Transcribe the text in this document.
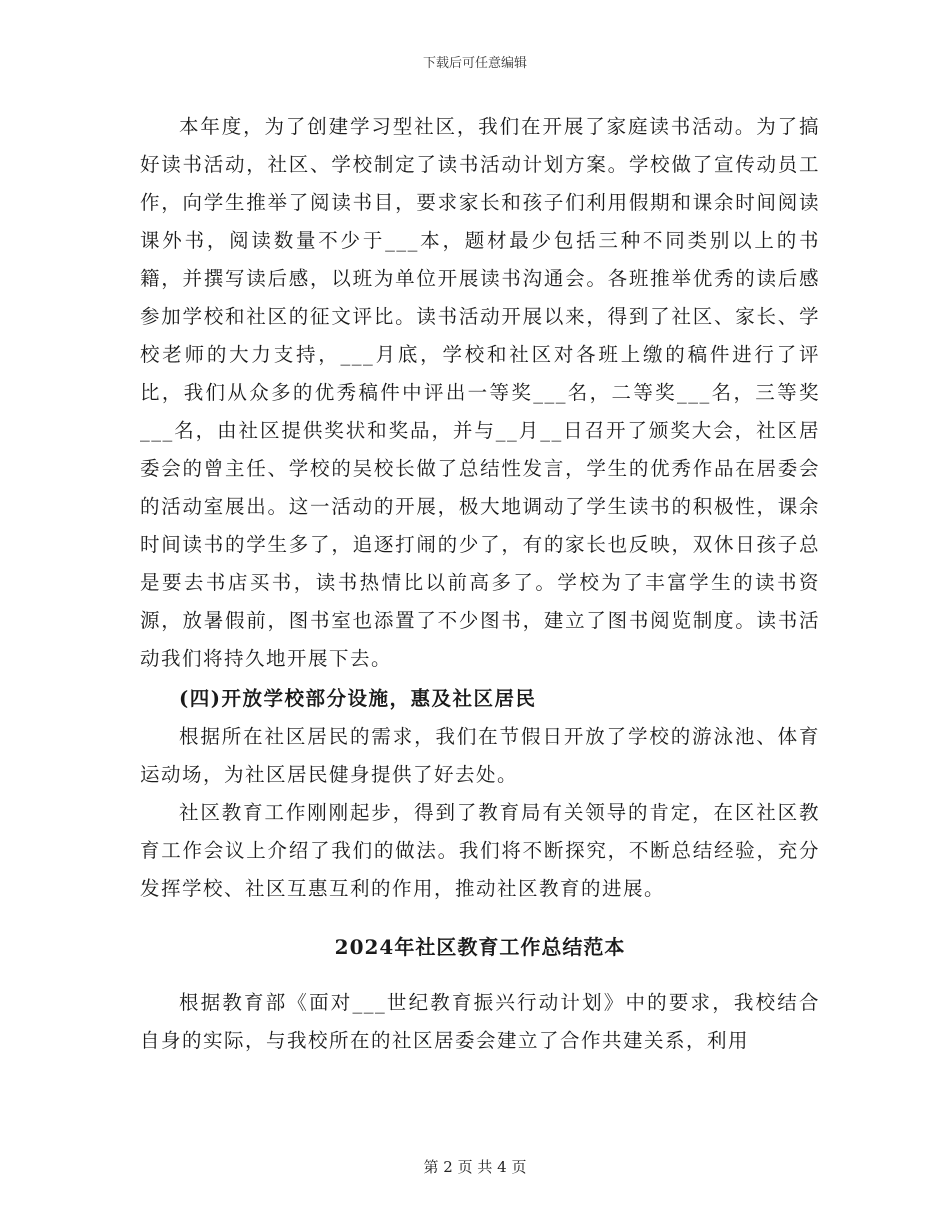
下载后可任意编辑

本年度，为了创建学习型社区，我们在开展了家庭读书活动。为了搞好读书活动，社区、学校制定了读书活动计划方案。学校做了宣传动员工作，向学生推举了阅读书目，要求家长和孩子们利用假期和课余时间阅读课外书，阅读数量不少于___本，题材最少包括三种不同类别以上的书籍，并撰写读后感，以班为单位开展读书沟通会。各班推举优秀的读后感参加学校和社区的征文评比。读书活动开展以来，得到了社区、家长、学校老师的大力支持，___月底，学校和社区对各班上缴的稿件进行了评比，我们从众多的优秀稿件中评出一等奖___名，二等奖___名，三等奖___名，由社区提供奖状和奖品，并与__月__日召开了颁奖大会，社区居委会的曾主任、学校的吴校长做了总结性发言，学生的优秀作品在居委会的活动室展出。这一活动的开展，极大地调动了学生读书的积极性，课余时间读书的学生多了，追逐打闹的少了，有的家长也反映，双休日孩子总是要去书店买书，读书热情比以前高多了。学校为了丰富学生的读书资源，放暑假前，图书室也添置了不少图书，建立了图书阅览制度。读书活动我们将持久地开展下去。

(四)开放学校部分设施，惠及社区居民

根据所在社区居民的需求，我们在节假日开放了学校的游泳池、体育运动场，为社区居民健身提供了好去处。

社区教育工作刚刚起步，得到了教育局有关领导的肯定，在区社区教育工作会议上介绍了我们的做法。我们将不断探究，不断总结经验，充分发挥学校、社区互惠互利的作用，推动社区教育的进展。

2024年社区教育工作总结范本

根据教育部《面对___世纪教育振兴行动计划》中的要求，我校结合自身的实际，与我校所在的社区居委会建立了合作共建关系，利用

第 2 页 共 4 页
